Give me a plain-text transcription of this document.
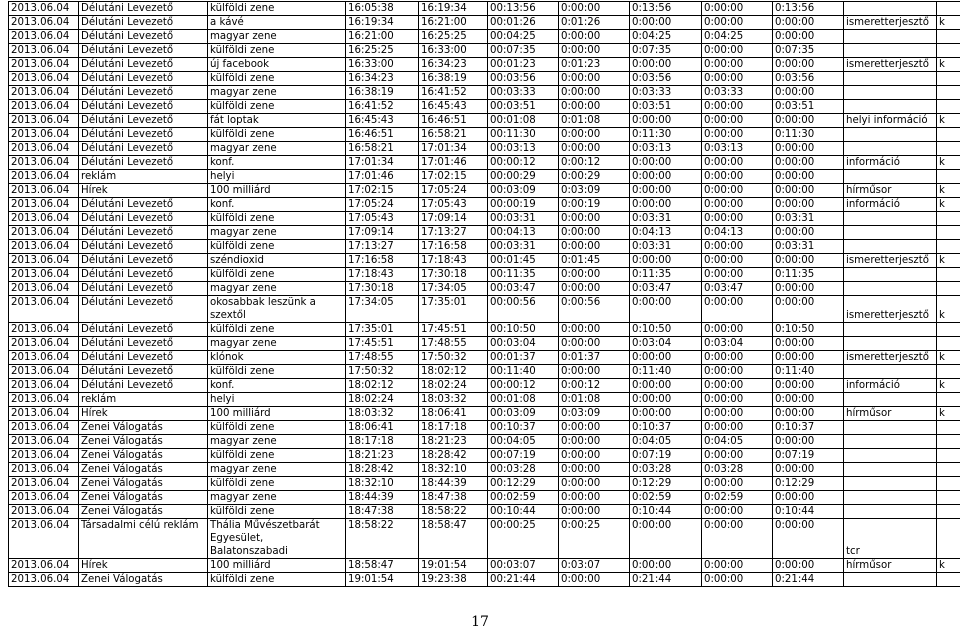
2013.06.04	Délutáni Levezető	külföldi zene	16:05:38	16:19:34	00:13:56	0:00:00	0:13:56	0:00:00	0:13:56		
2013.06.04	Délutáni Levezető	a kávé	16:19:34	16:21:00	00:01:26	0:01:26	0:00:00	0:00:00	0:00:00	ismeretterjesztő	k
2013.06.04	Délutáni Levezető	magyar zene	16:21:00	16:25:25	00:04:25	0:00:00	0:04:25	0:04:25	0:00:00		
2013.06.04	Délutáni Levezető	külföldi zene	16:25:25	16:33:00	00:07:35	0:00:00	0:07:35	0:00:00	0:07:35		
2013.06.04	Délutáni Levezető	új facebook	16:33:00	16:34:23	00:01:23	0:01:23	0:00:00	0:00:00	0:00:00	ismeretterjesztő	k
2013.06.04	Délutáni Levezető	külföldi zene	16:34:23	16:38:19	00:03:56	0:00:00	0:03:56	0:00:00	0:03:56		
2013.06.04	Délutáni Levezető	magyar zene	16:38:19	16:41:52	00:03:33	0:00:00	0:03:33	0:03:33	0:00:00		
2013.06.04	Délutáni Levezető	külföldi zene	16:41:52	16:45:43	00:03:51	0:00:00	0:03:51	0:00:00	0:03:51		
2013.06.04	Délutáni Levezető	fát loptak	16:45:43	16:46:51	00:01:08	0:01:08	0:00:00	0:00:00	0:00:00	helyi információ	k
2013.06.04	Délutáni Levezető	külföldi zene	16:46:51	16:58:21	00:11:30	0:00:00	0:11:30	0:00:00	0:11:30		
2013.06.04	Délutáni Levezető	magyar zene	16:58:21	17:01:34	00:03:13	0:00:00	0:03:13	0:03:13	0:00:00		
2013.06.04	Délutáni Levezető	konf.	17:01:34	17:01:46	00:00:12	0:00:12	0:00:00	0:00:00	0:00:00	információ	k
2013.06.04	reklám	helyi	17:01:46	17:02:15	00:00:29	0:00:29	0:00:00	0:00:00	0:00:00		
2013.06.04	Hírek	100 milliárd	17:02:15	17:05:24	00:03:09	0:03:09	0:00:00	0:00:00	0:00:00	hírműsor	k
2013.06.04	Délutáni Levezető	konf.	17:05:24	17:05:43	00:00:19	0:00:19	0:00:00	0:00:00	0:00:00	információ	k
2013.06.04	Délutáni Levezető	külföldi zene	17:05:43	17:09:14	00:03:31	0:00:00	0:03:31	0:00:00	0:03:31		
2013.06.04	Délutáni Levezető	magyar zene	17:09:14	17:13:27	00:04:13	0:00:00	0:04:13	0:04:13	0:00:00		
2013.06.04	Délutáni Levezető	külföldi zene	17:13:27	17:16:58	00:03:31	0:00:00	0:03:31	0:00:00	0:03:31		
2013.06.04	Délutáni Levezető	széndioxid	17:16:58	17:18:43	00:01:45	0:01:45	0:00:00	0:00:00	0:00:00	ismeretterjesztő	k
2013.06.04	Délutáni Levezető	külföldi zene	17:18:43	17:30:18	00:11:35	0:00:00	0:11:35	0:00:00	0:11:35		
2013.06.04	Délutáni Levezető	magyar zene	17:30:18	17:34:05	00:03:47	0:00:00	0:03:47	0:03:47	0:00:00		
2013.06.04	Délutáni Levezető	okosabbak leszünk a szextől	17:34:05	17:35:01	00:00:56	0:00:56	0:00:00	0:00:00	0:00:00	ismeretterjesztő	k
2013.06.04	Délutáni Levezető	külföldi zene	17:35:01	17:45:51	00:10:50	0:00:00	0:10:50	0:00:00	0:10:50		
2013.06.04	Délutáni Levezető	magyar zene	17:45:51	17:48:55	00:03:04	0:00:00	0:03:04	0:03:04	0:00:00		
2013.06.04	Délutáni Levezető	klónok	17:48:55	17:50:32	00:01:37	0:01:37	0:00:00	0:00:00	0:00:00	ismeretterjesztő	k
2013.06.04	Délutáni Levezető	külföldi zene	17:50:32	18:02:12	00:11:40	0:00:00	0:11:40	0:00:00	0:11:40		
2013.06.04	Délutáni Levezető	konf.	18:02:12	18:02:24	00:00:12	0:00:12	0:00:00	0:00:00	0:00:00	információ	k
2013.06.04	reklám	helyi	18:02:24	18:03:32	00:01:08	0:01:08	0:00:00	0:00:00	0:00:00		
2013.06.04	Hírek	100 milliárd	18:03:32	18:06:41	00:03:09	0:03:09	0:00:00	0:00:00	0:00:00	hírműsor	k
2013.06.04	Zenei Válogatás	külföldi zene	18:06:41	18:17:18	00:10:37	0:00:00	0:10:37	0:00:00	0:10:37		
2013.06.04	Zenei Válogatás	magyar zene	18:17:18	18:21:23	00:04:05	0:00:00	0:04:05	0:04:05	0:00:00		
2013.06.04	Zenei Válogatás	külföldi zene	18:21:23	18:28:42	00:07:19	0:00:00	0:07:19	0:00:00	0:07:19		
2013.06.04	Zenei Válogatás	magyar zene	18:28:42	18:32:10	00:03:28	0:00:00	0:03:28	0:03:28	0:00:00		
2013.06.04	Zenei Válogatás	külföldi zene	18:32:10	18:44:39	00:12:29	0:00:00	0:12:29	0:00:00	0:12:29		
2013.06.04	Zenei Válogatás	magyar zene	18:44:39	18:47:38	00:02:59	0:00:00	0:02:59	0:02:59	0:00:00		
2013.06.04	Zenei Válogatás	külföldi zene	18:47:38	18:58:22	00:10:44	0:00:00	0:10:44	0:00:00	0:10:44		
2013.06.04	Társadalmi célú reklám	Thália Művészetbarát Egyesület, Balatonszabadi	18:58:22	18:58:47	00:00:25	0:00:25	0:00:00	0:00:00	0:00:00	tcr	
2013.06.04	Hírek	100 milliárd	18:58:47	19:01:54	00:03:07	0:03:07	0:00:00	0:00:00	0:00:00	hírműsor	k
2013.06.04	Zenei Válogatás	külföldi zene	19:01:54	19:23:38	00:21:44	0:00:00	0:21:44	0:00:00	0:21:44		
17
